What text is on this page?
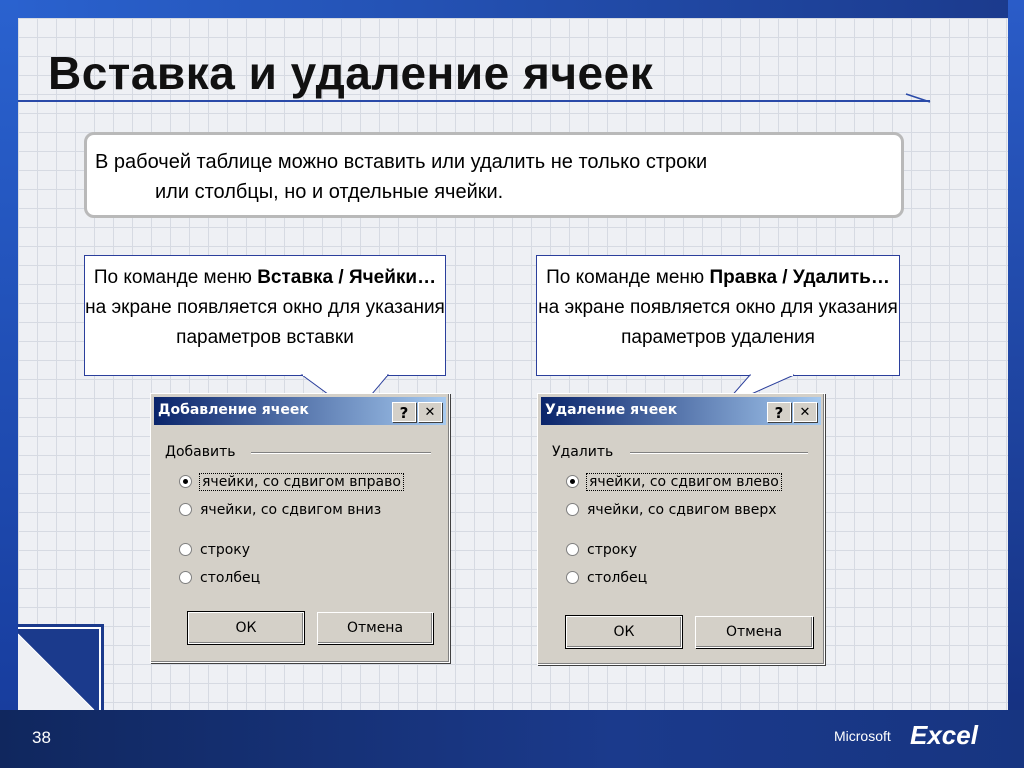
Вставка и удаление ячеек
В рабочей таблице можно вставить или удалить не только строки
или столбцы, но и отдельные ячейки.
По команде меню Вставка / Ячейки… на экране появляется окно для указания параметров вставки
По команде меню Правка / Удалить… на экране появляется окно для указания параметров удаления
Добавление ячеек	?	✕
Добавить
ячейки, со сдвигом вправо
ячейки, со сдвигом вниз
строку
столбец
ОК	Отмена
Удаление ячеек	?	✕
Удалить
ячейки, со сдвигом влево
ячейки, со сдвигом вверх
строку
столбец
ОК	Отмена
38	Microsoft Excel
